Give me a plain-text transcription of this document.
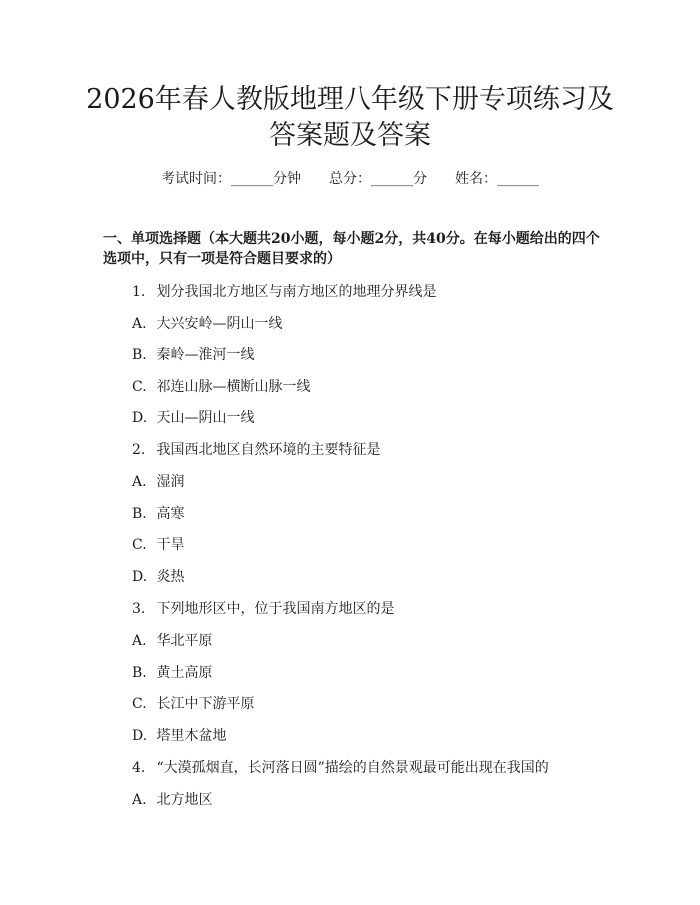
2026年春人教版地理八年级下册专项练习及
答案题及答案
考试时间：______分钟 总分：______分 姓名：______
一、单项选择题（本大题共20小题，每小题2分，共40分。在每小题给出的四个选项中，只有一项是符合题目要求的）
1. 划分我国北方地区与南方地区的地理分界线是
A. 大兴安岭—阴山一线
B. 秦岭—淮河一线
C. 祁连山脉—横断山脉一线
D. 天山—阴山一线
2. 我国西北地区自然环境的主要特征是
A. 湿润
B. 高寒
C. 干旱
D. 炎热
3. 下列地形区中，位于我国南方地区的是
A. 华北平原
B. 黄土高原
C. 长江中下游平原
D. 塔里木盆地
4. “大漠孤烟直，长河落日圆”描绘的自然景观最可能出现在我国的
A. 北方地区
